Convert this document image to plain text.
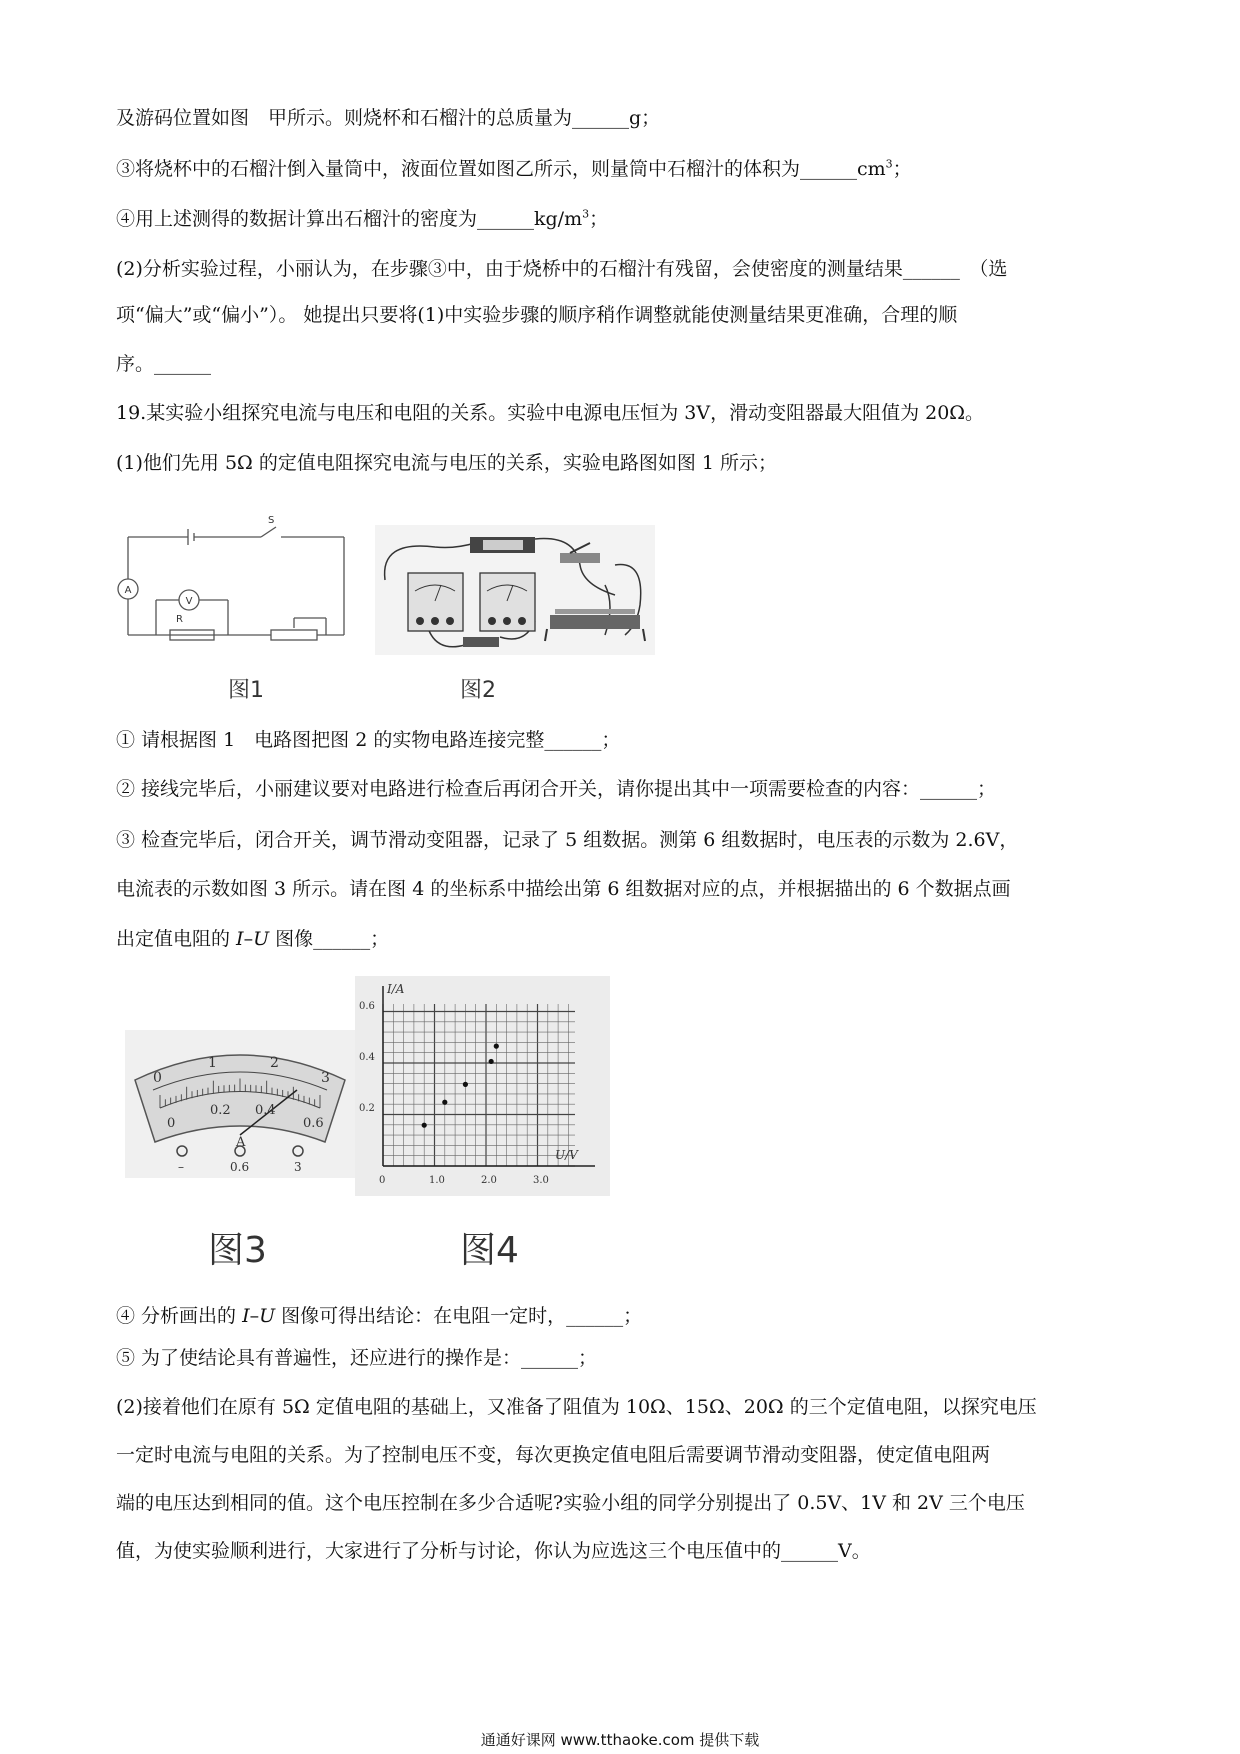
及游码位置如图　甲所示。则烧杯和石榴汁的总质量为______g；
③将烧杯中的石榴汁倒入量筒中，液面位置如图乙所示，则量筒中石榴汁的体积为$\_\_\_\_\_\_cm^3$；
④用上述测得的数据计算出石榴汁的密度为$\_\_\_\_\_\_kg/m^3$；
(2)分析实验过程，小丽认为，在步骤③中，由于烧桥中的石榴汁有残留，会使密度的测量结果______　（选
项“偏大”或“偏小”）。 她提出只要将(1)中实验步骤的顺序稍作调整就能使测量结果更准确，合理的顺
序。______
19.某实验小组探究电流与电压和电阻的关系。实验中电源电压恒为 3V，滑动变阻器最大阻值为 20Ω。
(1)他们先用 5Ω 的定值电阻探究电流与电压的关系，实验电路图如图 1 所示；
A
V
S
R
图1	图2
① 请根据图 1　电路图把图 2 的实物电路连接完整______；
② 接线完毕后，小丽建议要对电路进行检查后再闭合开关，请你提出其中一项需要检查的内容：______；
③ 检查完毕后，闭合开关，调节滑动变阻器，记录了 5 组数据。测第 6 组数据时，电压表的示数为 2.6V，
电流表的示数如图 3 所示。请在图 4 的坐标系中描绘出第 6 组数据对应的点，并根据描出的 6 个数据点画
出定值电阻的 I–U 图像______；
0
1	2
3
0
0.2 0.4
0.6
A
–	0.6	3
I/A
U/V
0.6
0.4
0.2
0	1.0	2.0	3.0
图3	图4
④ 分析画出的 I–U 图像可得出结论：在电阻一定时，______；
⑤ 为了使结论具有普遍性，还应进行的操作是：______；
(2)接着他们在原有 5Ω 定值电阻的基础上，又准备了阻值为 10Ω、15Ω、20Ω 的三个定值电阻，以探究电压
一定时电流与电阻的关系。为了控制电压不变，每次更换定值电阻后需要调节滑动变阻器，使定值电阻两
端的电压达到相同的值。这个电压控制在多少合适呢?实验小组的同学分别提出了 0.5V、1V 和 2V 三个电压
值，为使实验顺利进行，大家进行了分析与讨论，你认为应选这三个电压值中的______V。
通通好课网 www.tthaoke.com 提供下载
